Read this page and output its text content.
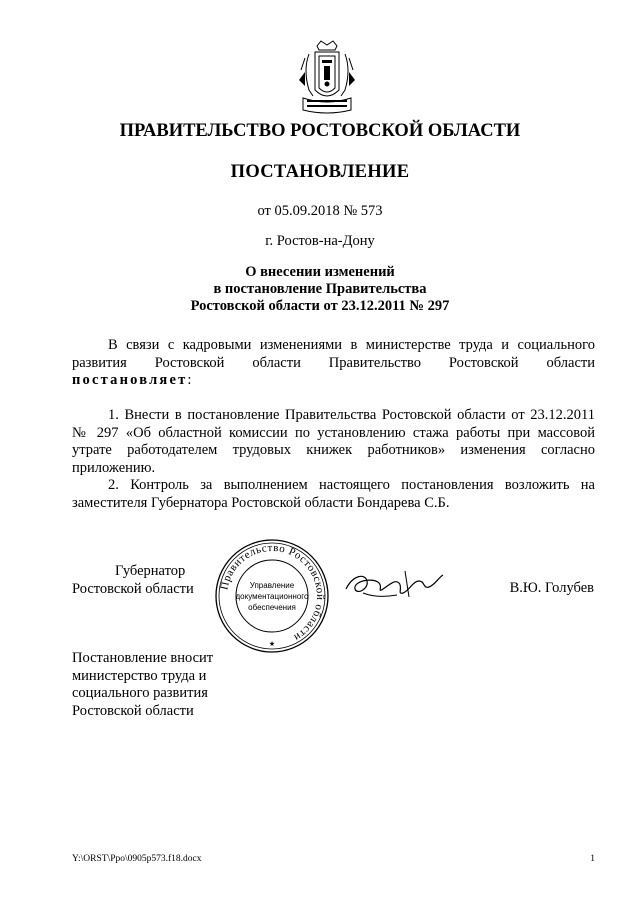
ПРАВИТЕЛЬСТВО РОСТОВСКОЙ ОБЛАСТИ
ПОСТАНОВЛЕНИЕ
от 05.09.2018 № 573
г. Ростов-на-Дону
О внесении изменений
в постановление Правительства
Ростовской области от 23.12.2011 № 297
В связи с кадровыми изменениями в министерстве труда и социального развития Ростовской области Правительство Ростовской области постановляет:
1. Внести в постановление Правительства Ростовской области от 23.12.2011 № 297 «Об областной комиссии по установлению стажа работы при массовой утрате работодателем трудовых книжек работников» изменения согласно приложению.
2. Контроль за выполнением настоящего постановления возложить на заместителя Губернатора Ростовской области Бондарева С.Б.
Губернатор
Ростовской области Правительство Ростовской области
Управление
документационного
обеспечения
★
В.Ю. Голубев
Постановление вносит
министерство труда и
социального развития
Ростовской области
Y:\ORST\Ppo\0905p573.f18.docx	1
